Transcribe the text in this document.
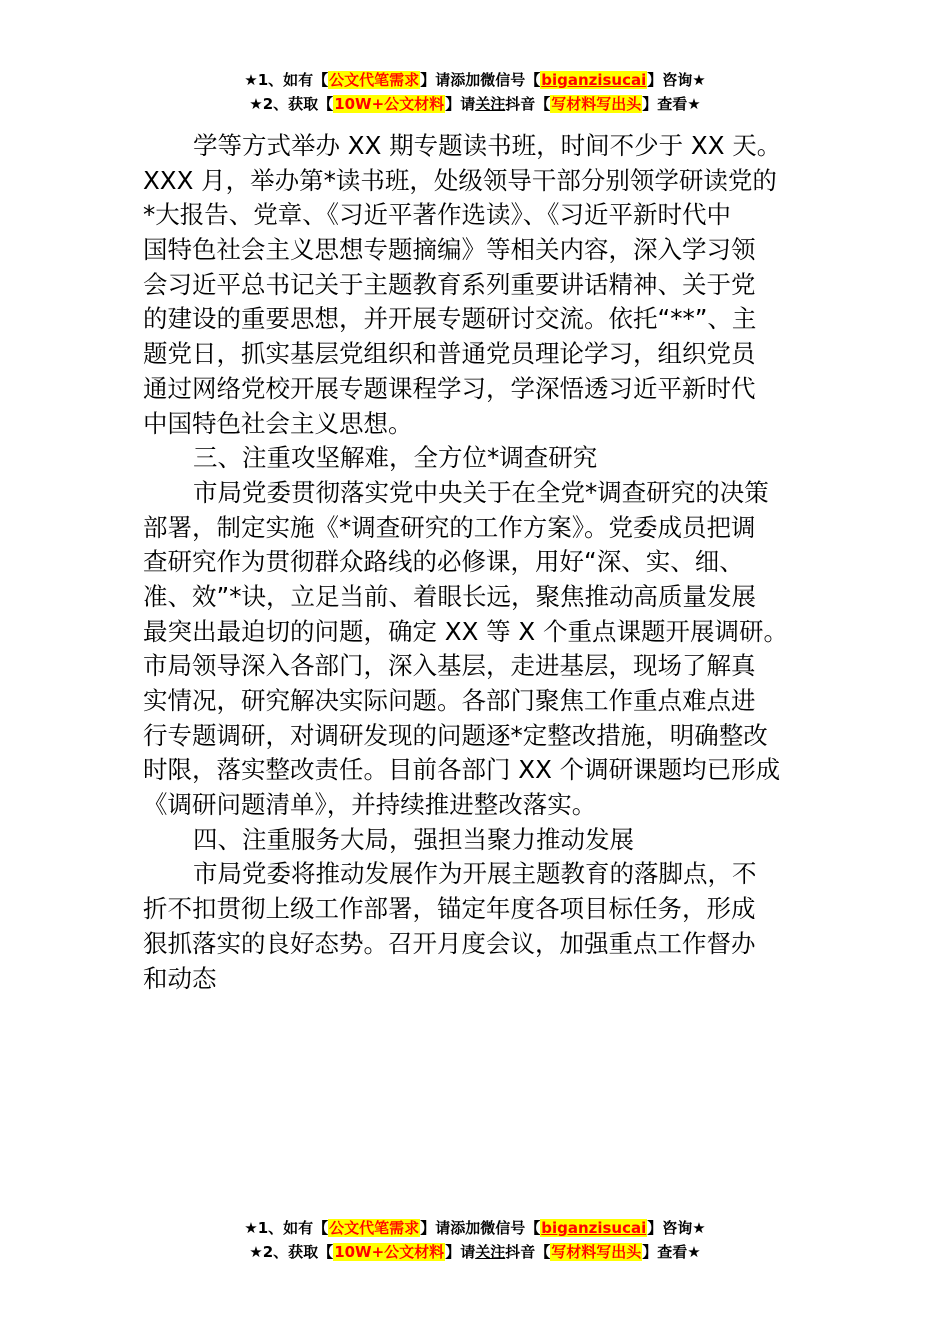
★1、如有【公文代笔需求】请添加微信号【biganzisucai】咨询★
★2、获取【10W+公文材料】请关注抖音【写材料写出头】查看★
学等方式举办 XX 期专题读书班，时间不少于 XX 天。
XXX 月，举办第*读书班，处级领导干部分别领学研读党的
*大报告、党章、《习近平著作选读》、《习近平新时代中
国特色社会主义思想专题摘编》等相关内容，深入学习领
会习近平总书记关于主题教育系列重要讲话精神、关于党
的建设的重要思想，并开展专题研讨交流。依托“**”、主
题党日，抓实基层党组织和普通党员理论学习，组织党员
通过网络党校开展专题课程学习，学深悟透习近平新时代
中国特色社会主义思想。
三、注重攻坚解难，全方位*调查研究
市局党委贯彻落实党中央关于在全党*调查研究的决策
部署，制定实施《*调查研究的工作方案》。党委成员把调
查研究作为贯彻群众路线的必修课，用好“深、实、细、
准、效”*诀，立足当前、着眼长远，聚焦推动高质量发展
最突出最迫切的问题，确定 XX 等 X 个重点课题开展调研。
市局领导深入各部门，深入基层，走进基层，现场了解真
实情况，研究解决实际问题。各部门聚焦工作重点难点进
行专题调研，对调研发现的问题逐*定整改措施，明确整改
时限，落实整改责任。目前各部门 XX 个调研课题均已形成
《调研问题清单》，并持续推进整改落实。
四、注重服务大局，强担当聚力推动发展
市局党委将推动发展作为开展主题教育的落脚点，不
折不扣贯彻上级工作部署，锚定年度各项目标任务，形成
狠抓落实的良好态势。召开月度会议，加强重点工作督办
和动态
★1、如有【公文代笔需求】请添加微信号【biganzisucai】咨询★
★2、获取【10W+公文材料】请关注抖音【写材料写出头】查看★
